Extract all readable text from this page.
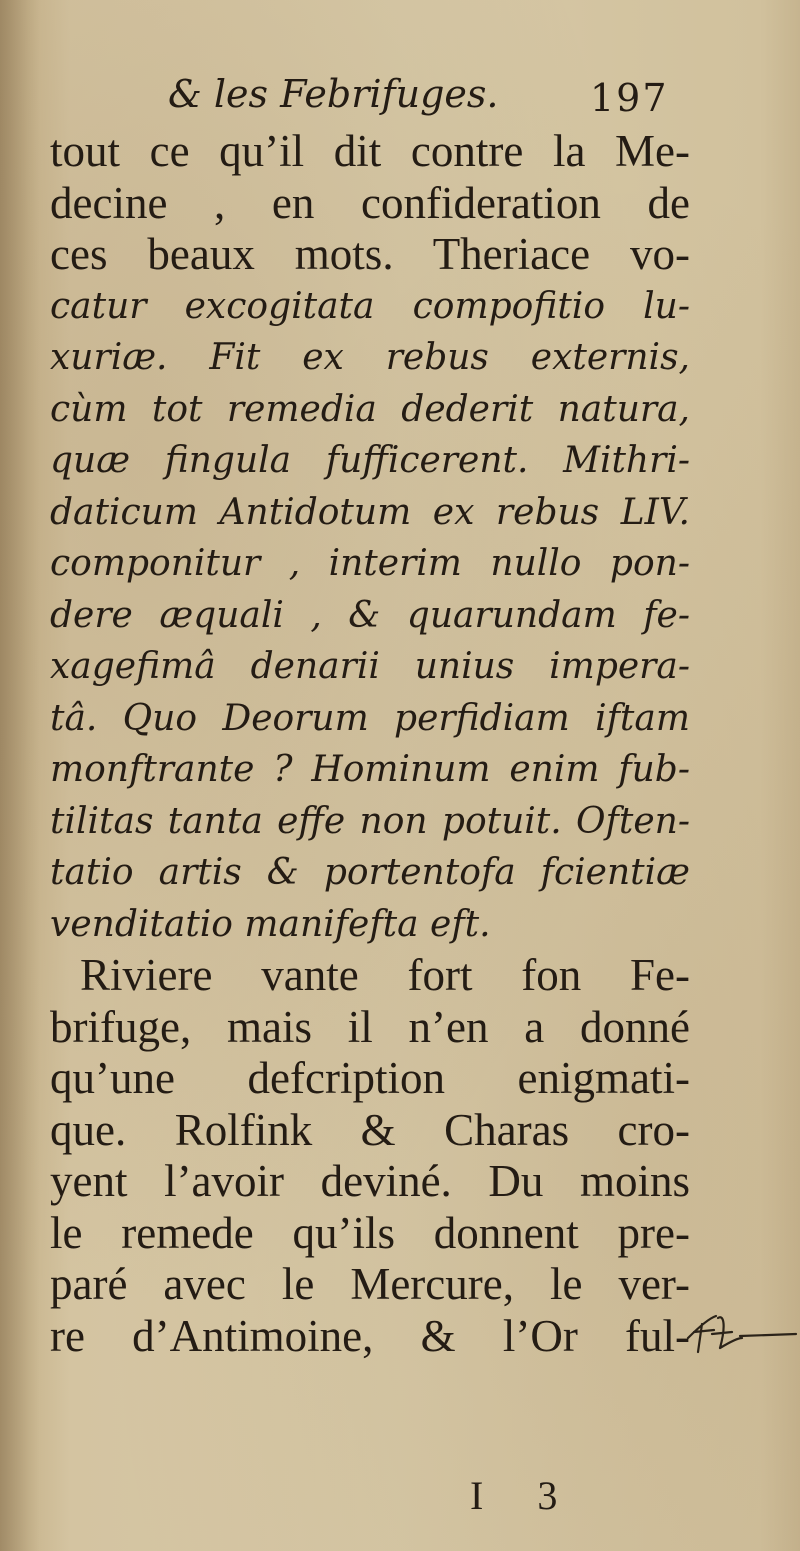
& les Febrifuges. 197
tout ce qu’il dit contre la Me-
decine , en confideration de
ces beaux mots. Theriace vo-
catur excogitata compofitio lu-
xuriæ. Fit ex rebus externis,
cùm tot remedia dederit natura,
quæ fingula fufficerent. Mithri-
daticum Antidotum ex rebus LIV.
componitur , interim nullo pon-
dere æquali , & quarundam fe-
xagefimâ denarii unius impera-
tâ. Quo Deorum perfidiam iftam
monftrante ? Hominum enim fub-
tilitas tanta effe non potuit. Often-
tatio artis & portentofa fcientiæ
venditatio manifefta eft.
Riviere vante fort fon Fe-
brifuge, mais il n’en a donné
qu’une defcription enigmati-
que. Rolfink & Charas cro-
yent l’avoir deviné. Du moins
le remede qu’ils donnent pre-
paré avec le Mercure, le ver-
re d’Antimoine, & l’Or ful-
I 3
